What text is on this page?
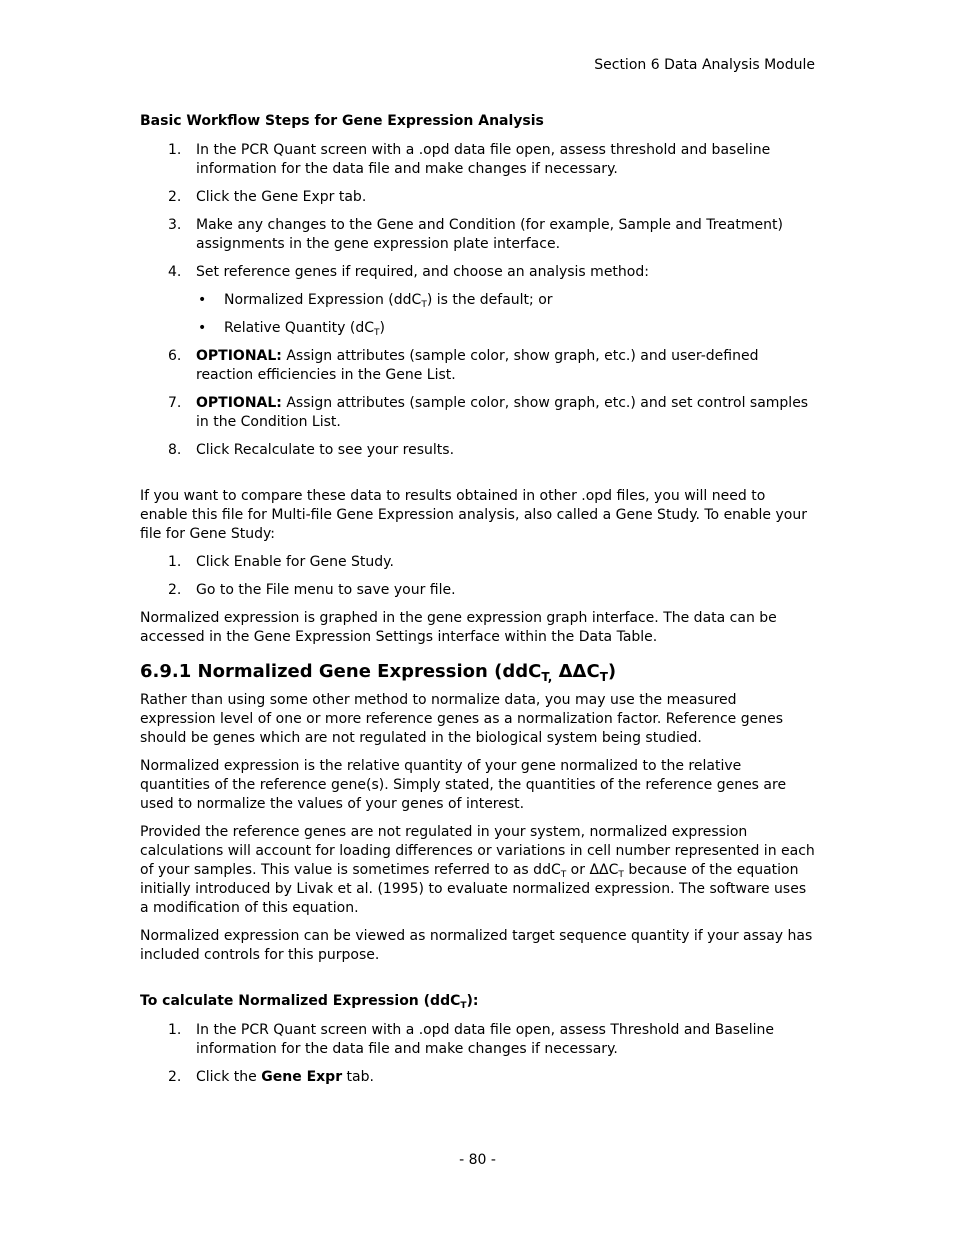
Section 6 Data Analysis Module

Basic Workflow Steps for Gene Expression Analysis

1. In the PCR Quant screen with a .opd data file open, assess threshold and baseline information for the data file and make changes if necessary.
2. Click the Gene Expr tab.
3. Make any changes to the Gene and Condition (for example, Sample and Treatment) assignments in the gene expression plate interface.
4. Set reference genes if required, and choose an analysis method:
• Normalized Expression (ddC$_T$) is the default; or
• Relative Quantity $(dC_T)$
6. OPTIONAL: Assign attributes (sample color, show graph, etc.) and user-defined reaction efficiencies in the Gene List.
7. OPTIONAL: Assign attributes (sample color, show graph, etc.) and set control samples in the Condition List.
8. Click Recalculate to see your results.

If you want to compare these data to results obtained in other .opd files, you will need to enable this file for Multi-file Gene Expression analysis, also called a Gene Study. To enable your file for Gene Study:

1. Click Enable for Gene Study.
2. Go to the File menu to save your file.

Normalized expression is graphed in the gene expression graph interface. The data can be accessed in the Gene Expression Settings interface within the Data Table.

6.9.1 Normalized Gene Expression (ddC$_{T,}$ $\Delta\Delta C_T$)

Rather than using some other method to normalize data, you may use the measured expression level of one or more reference genes as a normalization factor. Reference genes should be genes which are not regulated in the biological system being studied.

Normalized expression is the relative quantity of your gene normalized to the relative quantities of the reference gene(s). Simply stated, the quantities of the reference genes are used to normalize the values of your genes of interest.

Provided the reference genes are not regulated in your system, normalized expression calculations will account for loading differences or variations in cell number represented in each of your samples. This value is sometimes referred to as ddC$_T$ or $\Delta\Delta C_T$ because of the equation initially introduced by Livak et al. (1995) to evaluate normalized expression. The software uses a modification of this equation.

Normalized expression can be viewed as normalized target sequence quantity if your assay has included controls for this purpose.

To calculate Normalized Expression (ddC$_T$):

1. In the PCR Quant screen with a .opd data file open, assess Threshold and Baseline information for the data file and make changes if necessary.
2. Click the Gene Expr tab.
- 80 -
